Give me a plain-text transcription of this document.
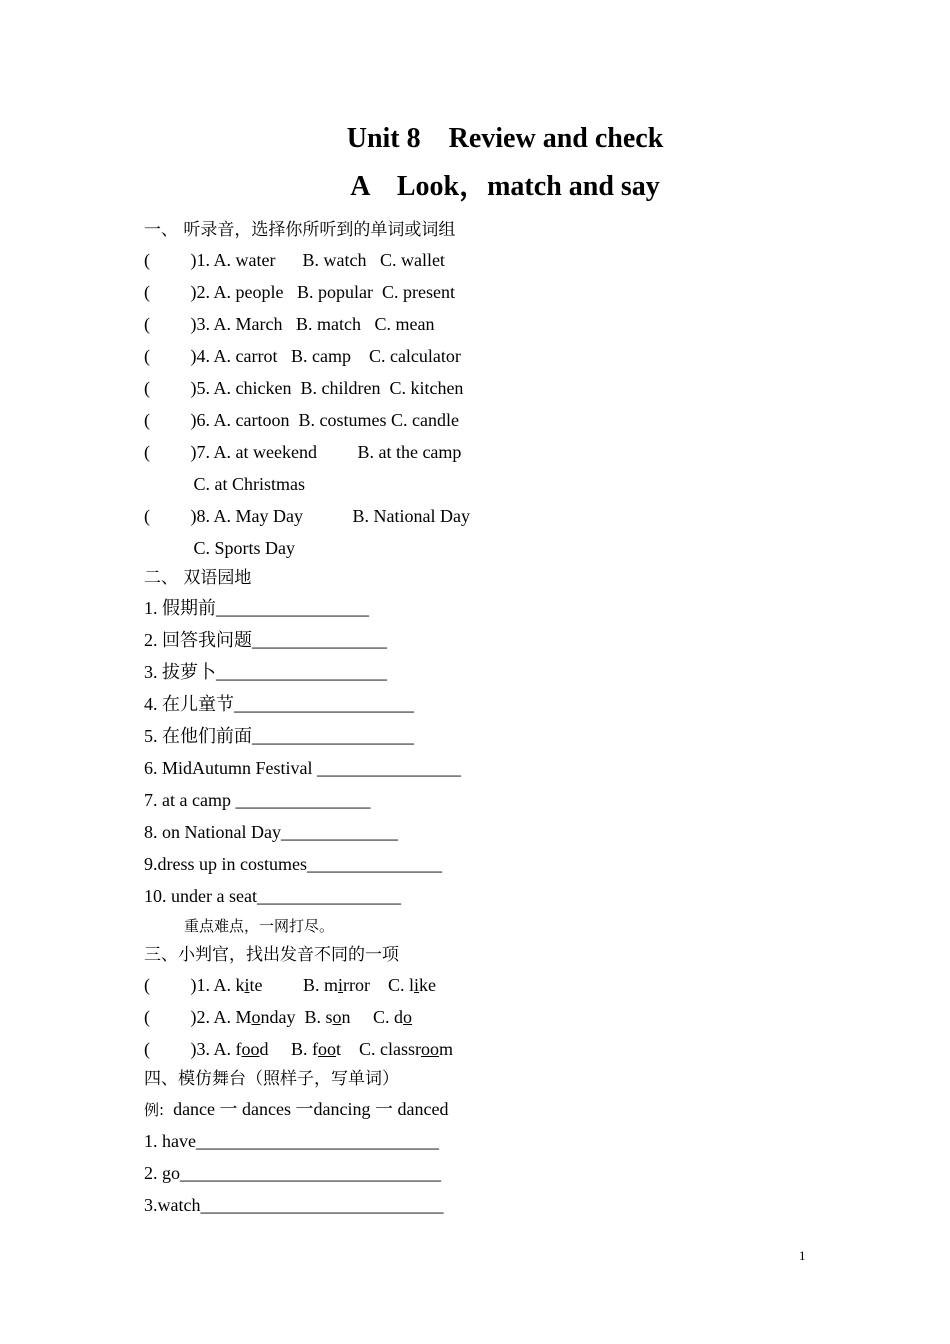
Unit 8    Review and check
A    Look，match and say
一、 听录音，选择你所听到的单词或词组
(         )1. A. water      B. watch   C. wallet
(         )2. A. people   B. popular  C. present
(         )3. A. March   B. match   C. mean
(         )4. A. carrot   B. camp    C. calculator
(         )5. A. chicken  B. children  C. kitchen
(         )6. A. cartoon  B. costumes C. candle
(         )7. A. at weekend         B. at the camp
C. at Christmas
(         )8. A. May Day           B. National Day
C. Sports Day
二、 双语园地
1. 假期前_________________
2. 回答我问题_______________
3. 拔萝卜___________________
4. 在儿童节____________________
5. 在他们前面__________________
6. MidAutumn Festival ________________
7. at a camp _______________
8. on National Day_____________
9.dress up in costumes_______________
10. under a seat________________
重点难点，一网打尽。
三、小判官，找出发音不同的一项
(         )1. A. kite         B. mirror    C. like
(         )2. A. Monday  B. son     C. do
(         )3. A. food     B. foot    C. classroom
四、模仿舞台（照样子，写单词）
例:  dance 一 dances 一dancing 一 danced
1. have___________________________
2. go_____________________________
3.watch___________________________
1
